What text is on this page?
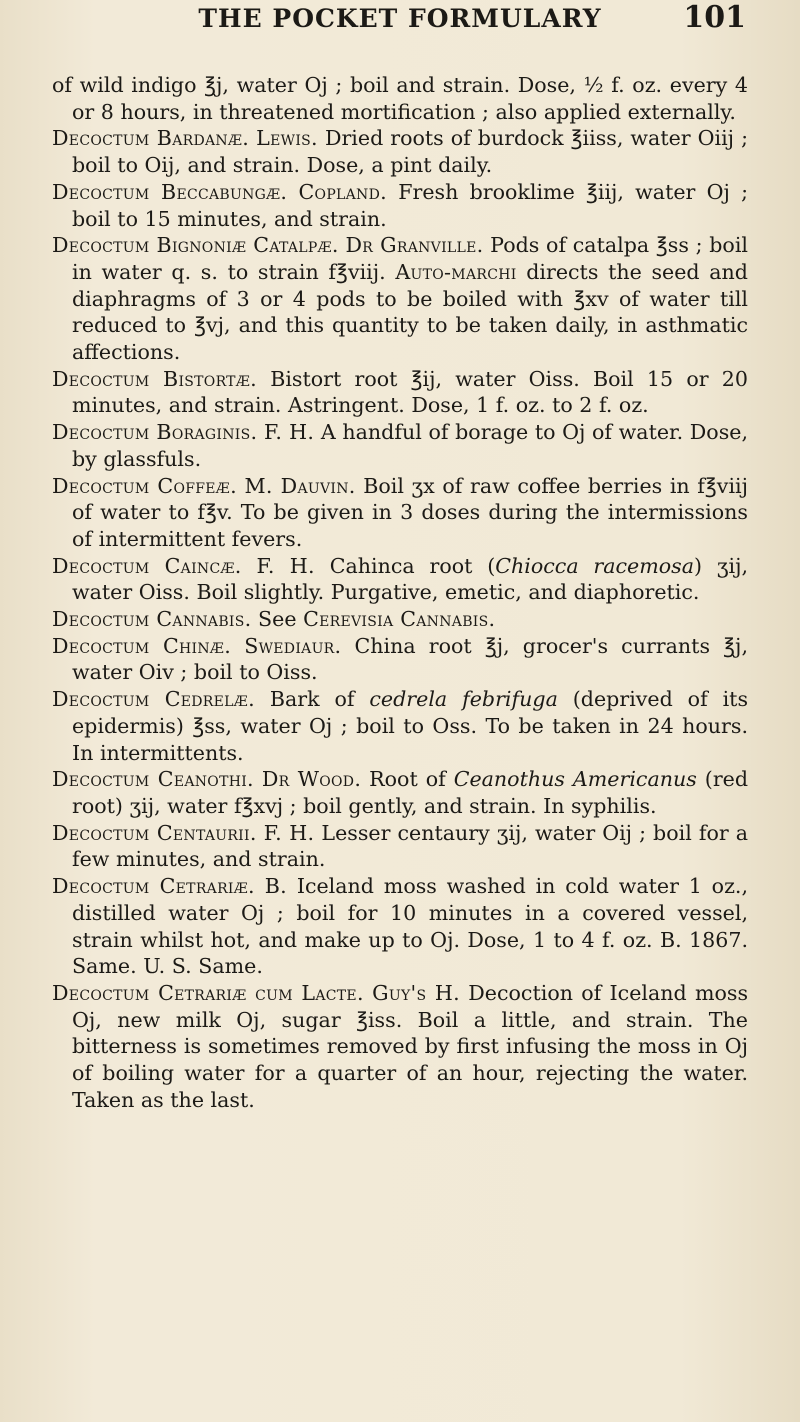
THE POCKET FORMULARY	101

of wild indigo ℥j, water Oj ; boil and strain. Dose, ½ f. oz. every 4 or 8 hours, in threatened mortification ; also applied externally.

Decoctum Bardanæ. Lewis. Dried roots of burdock ℥iiss, water Oiij ; boil to Oij, and strain. Dose, a pint daily.

Decoctum Beccabungæ. Copland. Fresh brooklime ℥iij, water Oj ; boil to 15 minutes, and strain.

Decoctum Bignoniæ Catalpæ. Dr Granville. Pods of catalpa ℥ss ; boil in water q. s. to strain f℥viij. Auto-marchi directs the seed and diaphragms of 3 or 4 pods to be boiled with ℥xv of water till reduced to ℥vj, and this quantity to be taken daily, in asthmatic affections.

Decoctum Bistortæ. Bistort root ℥ij, water Oiss. Boil 15 or 20 minutes, and strain. Astringent. Dose, 1 f. oz. to 2 f. oz.

Decoctum Boraginis. F. H. A handful of borage to Oj of water. Dose, by glassfuls.

Decoctum Coffeæ. M. Dauvin. Boil ʒx of raw coffee berries in f℥viij of water to f℥v. To be given in 3 doses during the intermissions of intermittent fevers.

Decoctum Caincæ. F. H. Cahinca root (Chiocca racemosa) ʒij, water Oiss. Boil slightly. Purgative, emetic, and diaphoretic.

Decoctum Cannabis. See Cerevisia Cannabis.

Decoctum Chinæ. Swediaur. China root ℥j, grocer's currants ℥j, water Oiv ; boil to Oiss.

Decoctum Cedrelæ. Bark of cedrela febrifuga (deprived of its epidermis) ℥ss, water Oj ; boil to Oss. To be taken in 24 hours. In intermittents.

Decoctum Ceanothi. Dr Wood. Root of Ceanothus Americanus (red root) ʒij, water f℥xvj ; boil gently, and strain. In syphilis.

Decoctum Centaurii. F. H. Lesser centaury ʒij, water Oij ; boil for a few minutes, and strain.

Decoctum Cetrariæ. B. Iceland moss washed in cold water 1 oz., distilled water Oj ; boil for 10 minutes in a covered vessel, strain whilst hot, and make up to Oj. Dose, 1 to 4 f. oz. B. 1867. Same. U. S. Same.

Decoctum Cetrariæ cum Lacte. Guy's H. Decoction of Iceland moss Oj, new milk Oj, sugar ℥iss. Boil a little, and strain. The bitterness is sometimes removed by first infusing the moss in Oj of boiling water for a quarter of an hour, rejecting the water. Taken as the last.
